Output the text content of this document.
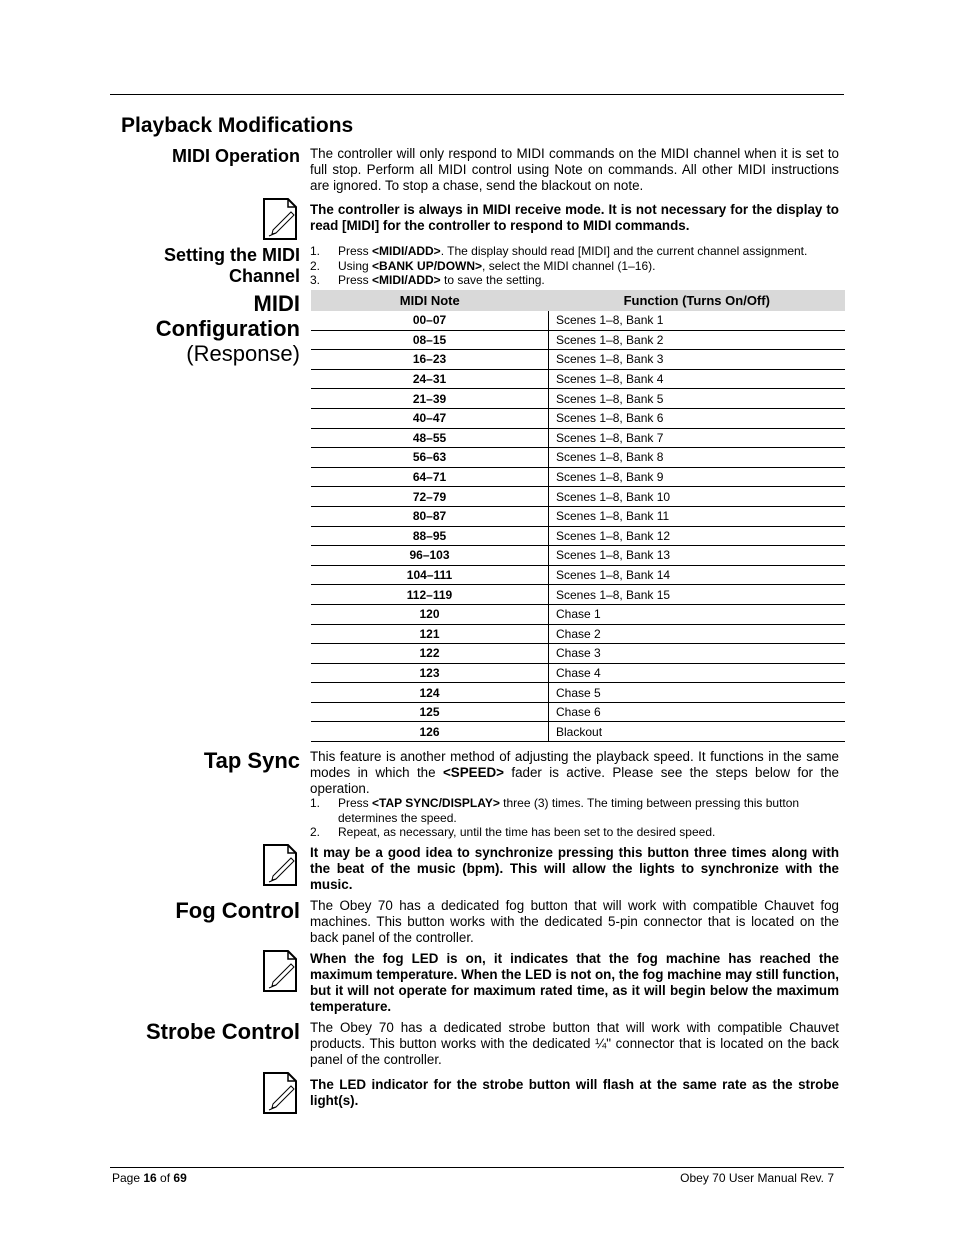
Playback Modifications
MIDI Operation The controller will only respond to MIDI commands on the MIDI channel when it is set to full stop. Perform all MIDI control using Note on commands. All other MIDI instructions are ignored. To stop a chase, send the blackout on note.
The controller is always in MIDI receive mode. It is not necessary for the display to read [MIDI] for the controller to respond to MIDI commands.
Setting the MIDI
Channel
1.	Press <MIDI/ADD>. The display should read [MIDI] and the current channel assignment.
2.	Using <BANK UP/DOWN>, select the MIDI channel (1–16).
3.	Press <MIDI/ADD> to save the setting.
MIDI
Configuration
(Response)
MIDI Note	Function (Turns On/Off)
00–07	Scenes 1–8, Bank 1
08–15	Scenes 1–8, Bank 2
16–23	Scenes 1–8, Bank 3
24–31	Scenes 1–8, Bank 4
21–39	Scenes 1–8, Bank 5
40–47	Scenes 1–8, Bank 6
48–55	Scenes 1–8, Bank 7
56–63	Scenes 1–8, Bank 8
64–71	Scenes 1–8, Bank 9
72–79	Scenes 1–8, Bank 10
80–87	Scenes 1–8, Bank 11
88–95	Scenes 1–8, Bank 12
96–103	Scenes 1–8, Bank 13
104–111	Scenes 1–8, Bank 14
112–119	Scenes 1–8, Bank 15
120	Chase 1
121	Chase 2
122	Chase 3
123	Chase 4
124	Chase 5
125	Chase 6
126	Blackout
Tap Sync This feature is another method of adjusting the playback speed. It functions in the same modes in which the <SPEED> fader is active. Please see the steps below for the operation.
1.	Press <TAP SYNC/DISPLAY> three (3) times. The timing between pressing this button determines the speed.
2.	Repeat, as necessary, until the time has been set to the desired speed.
It may be a good idea to synchronize pressing this button three times along with the beat of the music (bpm). This will allow the lights to synchronize with the music.
Fog Control The Obey 70 has a dedicated fog button that will work with compatible Chauvet fog machines. This button works with the dedicated 5-pin connector that is located on the back panel of the controller.
When the fog LED is on, it indicates that the fog machine has reached the maximum temperature. When the LED is not on, the fog machine may still function, but it will not operate for maximum rated time, as it will begin below the maximum temperature.
Strobe Control The Obey 70 has a dedicated strobe button that will work with compatible Chauvet products. This button works with the dedicated ¼" connector that is located on the back panel of the controller.
The LED indicator for the strobe button will flash at the same rate as the strobe light(s).
Page 16 of 69	Obey 70 User Manual Rev. 7
